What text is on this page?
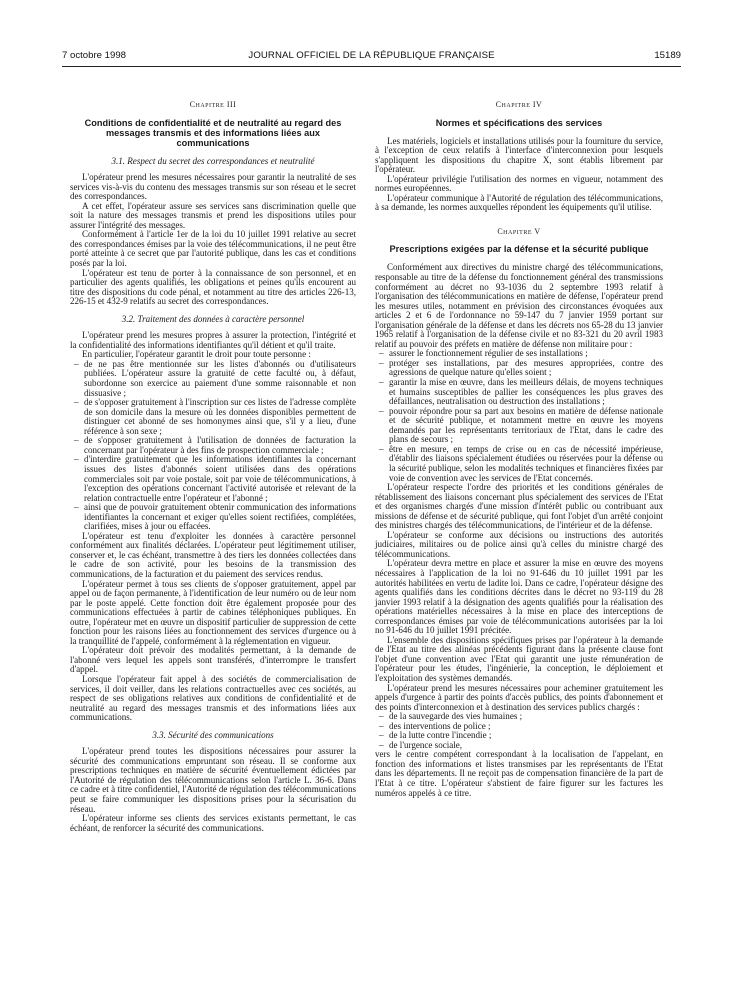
7 octobre 1998	JOURNAL OFFICIEL DE LA RÉPUBLIQUE FRANÇAISE	15189
Chapitre III
Conditions de confidentialité et de neutralité au regard des messages transmis et des informations liées aux communications
3.1. Respect du secret des correspondances et neutralité

L'opérateur prend les mesures nécessaires pour garantir la neutralité de ses services vis-à-vis du contenu des messages transmis sur son réseau et le secret des correspondances.

A cet effet, l'opérateur assure ses services sans discrimination quelle que soit la nature des messages transmis et prend les dispositions utiles pour assurer l'intégrité des messages.

Conformément à l'article 1er de la loi du 10 juillet 1991 relative au secret des correspondances émises par la voie des télécommunications, il ne peut être porté atteinte à ce secret que par l'autorité publique, dans les cas et conditions posés par la loi.

L'opérateur est tenu de porter à la connaissance de son personnel, et en particulier des agents qualifiés, les obligations et peines qu'ils encourent au titre des dispositions du code pénal, et notamment au titre des articles 226-13, 226-15 et 432-9 relatifs au secret des correspondances.

3.2. Traitement des données à caractère personnel

L'opérateur prend les mesures propres à assurer la protection, l'intégrité et la confidentialité des informations identifiantes qu'il détient et qu'il traite.

En particulier, l'opérateur garantit le droit pour toute personne :

– de ne pas être mentionnée sur les listes d'abonnés ou d'utilisateurs publiées. L'opérateur assure la gratuité de cette faculté ou, à défaut, subordonne son exercice au paiement d'une somme raisonnable et non dissuasive ;
– de s'opposer gratuitement à l'inscription sur ces listes de l'adresse complète de son domicile dans la mesure où les données disponibles permettent de distinguer cet abonné de ses homonymes ainsi que, s'il y a lieu, d'une référence à son sexe ;
– de s'opposer gratuitement à l'utilisation de données de facturation la concernant par l'opérateur à des fins de prospection commerciale ;
– d'interdire gratuitement que les informations identifiantes la concernant issues des listes d'abonnés soient utilisées dans des opérations commerciales soit par voie postale, soit par voie de télécommunications, à l'exception des opérations concernant l'activité autorisée et relevant de la relation contractuelle entre l'opérateur et l'abonné ;
– ainsi que de pouvoir gratuitement obtenir communication des informations identifiantes la concernant et exiger qu'elles soient rectifiées, complétées, clarifiées, mises à jour ou effacées.

L'opérateur est tenu d'exploiter les données à caractère personnel conformément aux finalités déclarées. L'opérateur peut légitimement utiliser, conserver et, le cas échéant, transmettre à des tiers les données collectées dans le cadre de son activité, pour les besoins de la transmission des communications, de la facturation et du paiement des services rendus.

L'opérateur permet à tous ses clients de s'opposer gratuitement, appel par appel ou de façon permanente, à l'identification de leur numéro ou de leur nom par le poste appelé. Cette fonction doit être également proposée pour des communications effectuées à partir de cabines téléphoniques publiques. En outre, l'opérateur met en œuvre un dispositif particulier de suppression de cette fonction pour les raisons liées au fonctionnement des services d'urgence ou à la tranquillité de l'appelé, conformément à la réglementation en vigueur.

L'opérateur doit prévoir des modalités permettant, à la demande de l'abonné vers lequel les appels sont transférés, d'interrompre le transfert d'appel.

Lorsque l'opérateur fait appel à des sociétés de commercialisation de services, il doit veiller, dans les relations contractuelles avec ces sociétés, au respect de ses obligations relatives aux conditions de confidentialité et de neutralité au regard des messages transmis et des informations liées aux communications.

3.3. Sécurité des communications

L'opérateur prend toutes les dispositions nécessaires pour assurer la sécurité des communications empruntant son réseau. Il se conforme aux prescriptions techniques en matière de sécurité éventuellement édictées par l'Autorité de régulation des télécommunications selon l'article L. 36-6. Dans ce cadre et à titre confidentiel, l'Autorité de régulation des télécommunications peut se faire communiquer les dispositions prises pour la sécurisation du réseau.

L'opérateur informe ses clients des services existants permettant, le cas échéant, de renforcer la sécurité des communications.

Chapitre IV
Normes et spécifications des services

Les matériels, logiciels et installations utilisés pour la fourniture du service, à l'exception de ceux relatifs à l'interface d'interconnexion pour lesquels s'appliquent les dispositions du chapitre X, sont établis librement par l'opérateur.

L'opérateur privilégie l'utilisation des normes en vigueur, notamment des normes européennes.

L'opérateur communique à l'Autorité de régulation des télécommunications, à sa demande, les normes auxquelles répondent les équipements qu'il utilise.

Chapitre V
Prescriptions exigées par la défense et la sécurité publique

Conformément aux directives du ministre chargé des télécommunications, responsable au titre de la défense du fonctionnement général des transmissions conformément au décret no 93-1036 du 2 septembre 1993 relatif à l'organisation des télécommunications en matière de défense, l'opérateur prend les mesures utiles, notamment en prévision des circonstances évoquées aux articles 2 et 6 de l'ordonnance no 59-147 du 7 janvier 1959 portant sur l'organisation générale de la défense et dans les décrets nos 65-28 du 13 janvier 1965 relatif à l'organisation de la défense civile et no 83-321 du 20 avril 1983 relatif au pouvoir des préfets en matière de défense non militaire pour :

– assurer le fonctionnement régulier de ses installations ;
– protéger ses installations, par des mesures appropriées, contre des agressions de quelque nature qu'elles soient ;
– garantir la mise en œuvre, dans les meilleurs délais, de moyens techniques et humains susceptibles de pallier les conséquences les plus graves des défaillances, neutralisation ou destruction des installations ;
– pouvoir répondre pour sa part aux besoins en matière de défense nationale et de sécurité publique, et notamment mettre en œuvre les moyens demandés par les représentants territoriaux de l'Etat, dans le cadre des plans de secours ;
– être en mesure, en temps de crise ou en cas de nécessité impérieuse, d'établir des liaisons spécialement étudiées ou réservées pour la défense ou la sécurité publique, selon les modalités techniques et financières fixées par voie de convention avec les services de l'Etat concernés.

L'opérateur respecte l'ordre des priorités et les conditions générales de rétablissement des liaisons concernant plus spécialement des services de l'Etat et des organismes chargés d'une mission d'intérêt public ou contribuant aux missions de défense et de sécurité publique, qui font l'objet d'un arrêté conjoint des ministres chargés des télécommunications, de l'intérieur et de la défense.

L'opérateur se conforme aux décisions ou instructions des autorités judiciaires, militaires ou de police ainsi qu'à celles du ministre chargé des télécommunications.

L'opérateur devra mettre en place et assurer la mise en œuvre des moyens nécessaires à l'application de la loi no 91-646 du 10 juillet 1991 par les autorités habilitées en vertu de ladite loi. Dans ce cadre, l'opérateur désigne des agents qualifiés dans les conditions décrites dans le décret no 93-119 du 28 janvier 1993 relatif à la désignation des agents qualifiés pour la réalisation des opérations matérielles nécessaires à la mise en place des interceptions de correspondances émises par voie de télécommunications autorisées par la loi no 91-646 du 10 juillet 1991 précitée.

L'ensemble des dispositions spécifiques prises par l'opérateur à la demande de l'Etat au titre des alinéas précédents figurant dans la présente clause font l'objet d'une convention avec l'Etat qui garantit une juste rémunération de l'opérateur pour les études, l'ingénierie, la conception, le déploiement et l'exploitation des systèmes demandés.

L'opérateur prend les mesures nécessaires pour acheminer gratuitement les appels d'urgence à partir des points d'accès publics, des points d'abonnement et des points d'interconnexion et à destination des services publics chargés :

– de la sauvegarde des vies humaines ;
– des interventions de police ;
– de la lutte contre l'incendie ;
– de l'urgence sociale,

vers le centre compétent correspondant à la localisation de l'appelant, en fonction des informations et listes transmises par les représentants de l'Etat dans les départements. Il ne reçoit pas de compensation financière de la part de l'Etat à ce titre. L'opérateur s'abstient de faire figurer sur les factures les numéros appelés à ce titre.
